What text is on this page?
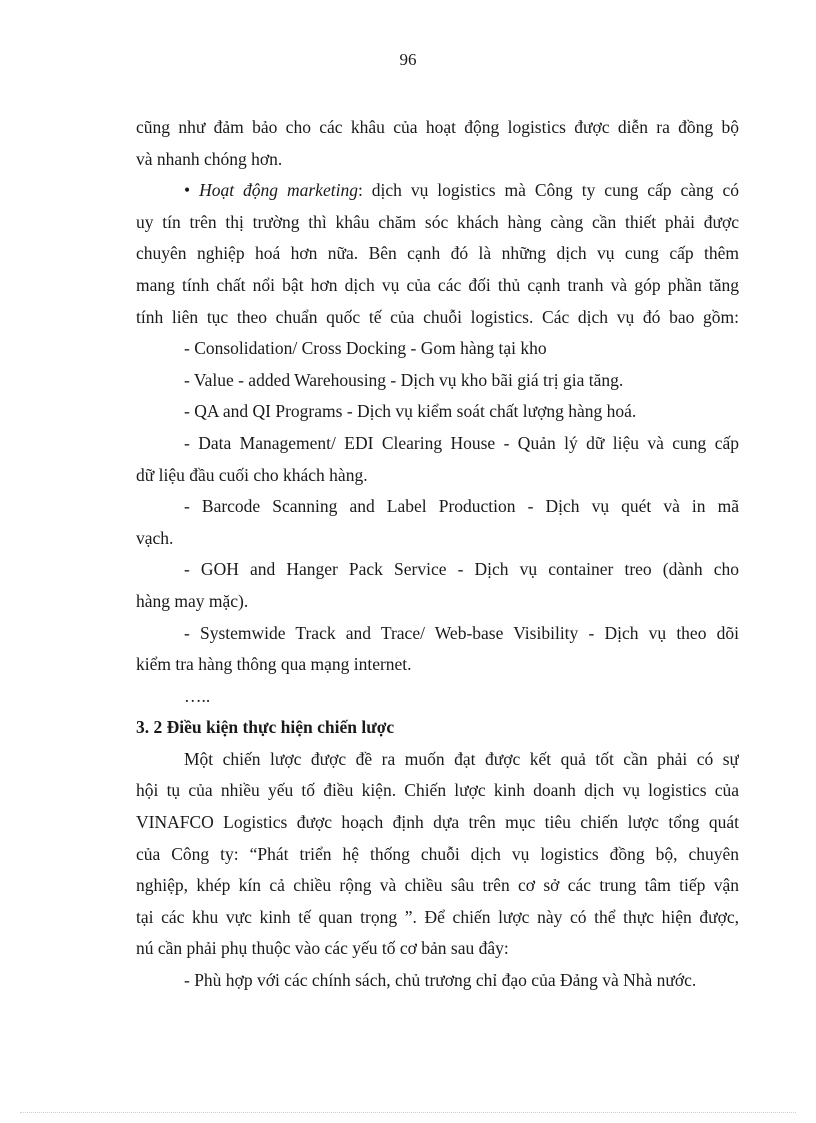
96
cũng như đảm bảo cho các khâu của hoạt động logistics được diễn ra đồng bộ
và nhanh chóng hơn.
• Hoạt động marketing: dịch vụ logistics mà Công ty cung cấp càng có
uy tín trên thị trường thì khâu chăm sóc khách hàng càng cần thiết phải được
chuyên nghiệp hoá hơn nữa. Bên cạnh đó là những dịch vụ cung cấp thêm
mang tính chất nổi bật hơn dịch vụ của các đối thủ cạnh tranh và góp phần tăng
tính liên tục theo chuẩn quốc tế của chuỗi logistics. Các dịch vụ đó bao gồm:
- Consolidation/ Cross Docking - Gom hàng tại kho
- Value - added Warehousing - Dịch vụ kho bãi giá trị gia tăng.
- QA and QI Programs - Dịch vụ kiểm soát chất lượng hàng hoá.
- Data Management/ EDI Clearing House - Quản lý dữ liệu và cung cấp
dữ liệu đầu cuối cho khách hàng.
- Barcode Scanning and Label Production - Dịch vụ quét và in mã
vạch.
- GOH and Hanger Pack Service - Dịch vụ container treo (dành cho
hàng may mặc).
- Systemwide Track and Trace/ Web-base Visibility - Dịch vụ theo dõi
kiểm tra hàng thông qua mạng internet.
…..
3. 2 Điều kiện thực hiện chiến lược
Một chiến lược được đề ra muốn đạt được kết quả tốt cần phải có sự
hội tụ của nhiều yếu tố điều kiện. Chiến lược kinh doanh dịch vụ logistics của
VINAFCO Logistics được hoạch định dựa trên mục tiêu chiến lược tổng quát
của Công ty: “Phát triển hệ thống chuỗi dịch vụ logistics đồng bộ, chuyên
nghiệp, khép kín cả chiều rộng và chiều sâu trên cơ sở các trung tâm tiếp vận
tại các khu vực kinh tế quan trọng ”. Để chiến lược này có thể thực hiện được,
nú cần phải phụ thuộc vào các yếu tố cơ bản sau đây:
- Phù hợp với các chính sách, chủ trương chỉ đạo của Đảng và Nhà nước.
